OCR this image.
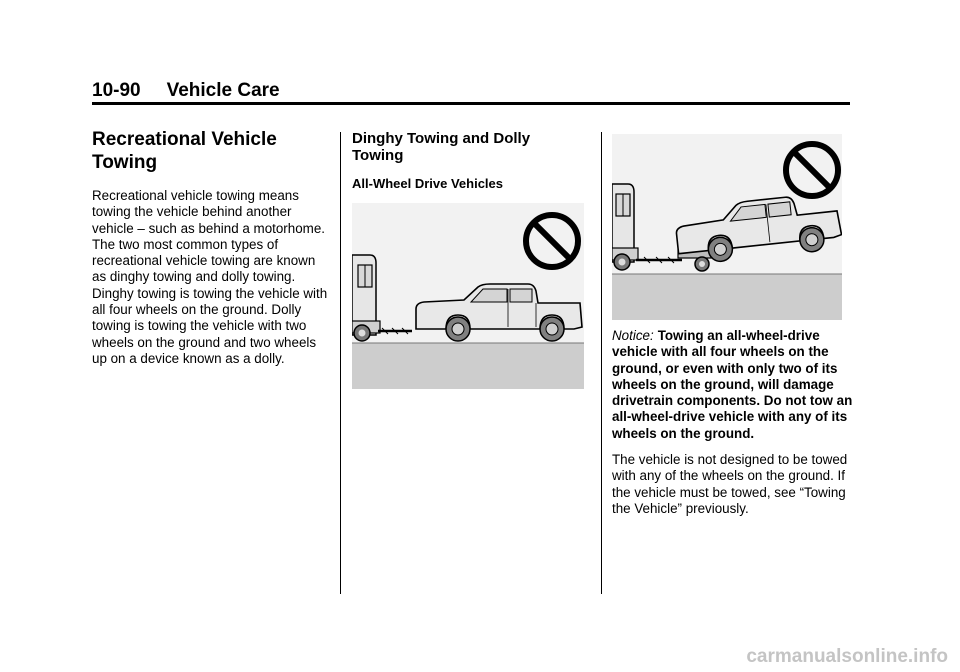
10-90 Vehicle Care
Recreational Vehicle
Towing

Recreational vehicle towing means towing the vehicle behind another vehicle – such as behind a motorhome. The two most common types of recreational vehicle towing are known as dinghy towing and dolly towing. Dinghy towing is towing the vehicle with all four wheels on the ground. Dolly towing is towing the vehicle with two wheels on the ground and two wheels up on a device known as a dolly.

Dinghy Towing and Dolly
Towing
All-Wheel Drive Vehicles

Notice: Towing an all-wheel-drive vehicle with all four wheels on the ground, or even with only two of its wheels on the ground, will damage drivetrain components. Do not tow an all-wheel-drive vehicle with any of its wheels on the ground.

The vehicle is not designed to be towed with any of the wheels on the ground. If the vehicle must be towed, see “Towing the Vehicle” previously.

carmanualsonline.info
